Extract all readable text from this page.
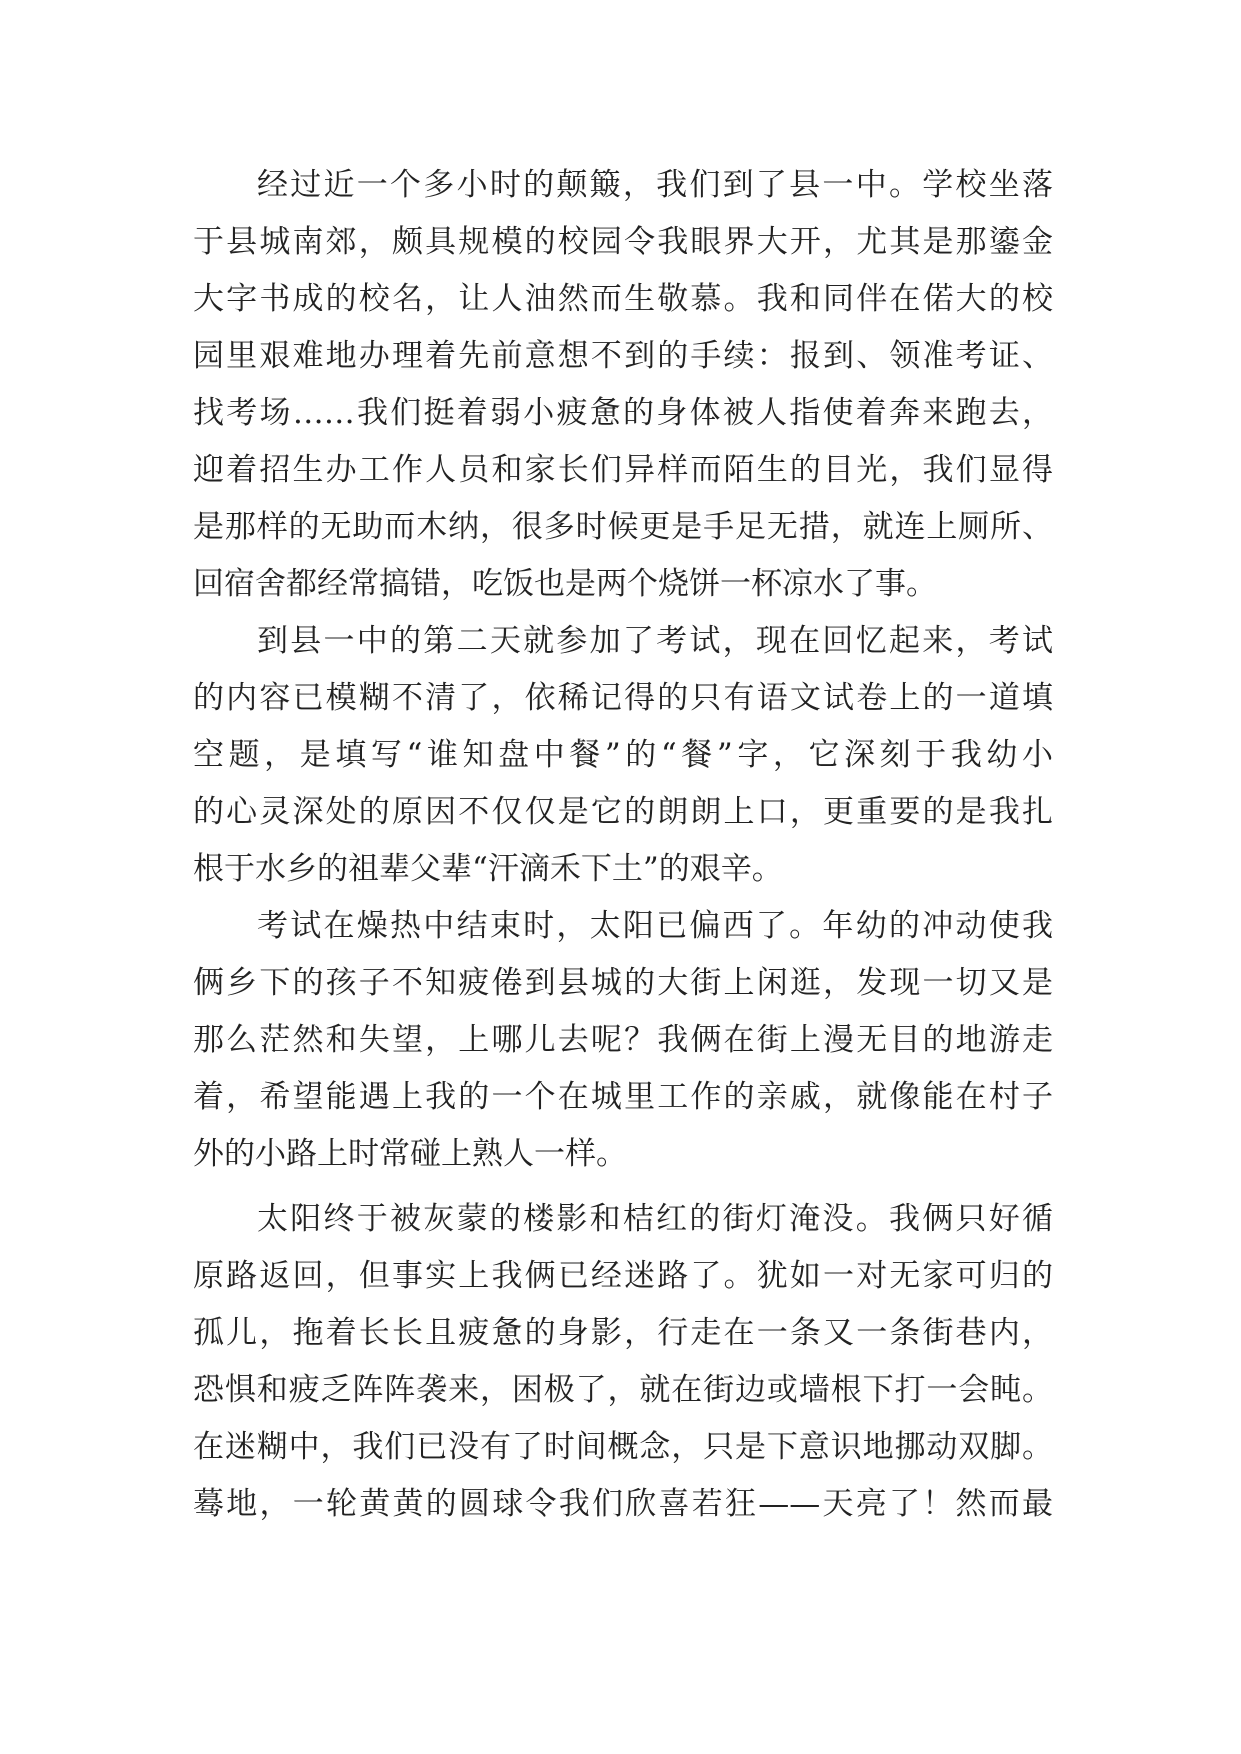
经过近一个多小时的颠簸，我们到了县一中。学校坐落
于县城南郊，颇具规模的校园令我眼界大开，尤其是那鎏金
大字书成的校名，让人油然而生敬慕。我和同伴在偌大的校
园里艰难地办理着先前意想不到的手续：报到、领准考证、
找考场……我们挺着弱小疲惫的身体被人指使着奔来跑去，
迎着招生办工作人员和家长们异样而陌生的目光，我们显得
是那样的无助而木纳，很多时候更是手足无措，就连上厕所、
回宿舍都经常搞错，吃饭也是两个烧饼一杯凉水了事。
到县一中的第二天就参加了考试，现在回忆起来，考试
的内容已模糊不清了，依稀记得的只有语文试卷上的一道填
空题，是填写“谁知盘中餐”的“餐”字，它深刻于我幼小
的心灵深处的原因不仅仅是它的朗朗上口，更重要的是我扎
根于水乡的祖辈父辈“汗滴禾下土”的艰辛。
考试在燥热中结束时，太阳已偏西了。年幼的冲动使我
俩乡下的孩子不知疲倦到县城的大街上闲逛，发现一切又是
那么茫然和失望，上哪儿去呢？我俩在街上漫无目的地游走
着，希望能遇上我的一个在城里工作的亲戚，就像能在村子
外的小路上时常碰上熟人一样。
太阳终于被灰蒙的楼影和桔红的街灯淹没。我俩只好循
原路返回，但事实上我俩已经迷路了。犹如一对无家可归的
孤儿，拖着长长且疲惫的身影，行走在一条又一条街巷内，
恐惧和疲乏阵阵袭来，困极了，就在街边或墙根下打一会盹。
在迷糊中，我们已没有了时间概念，只是下意识地挪动双脚。
蓦地，一轮黄黄的圆球令我们欣喜若狂——天亮了！然而最
